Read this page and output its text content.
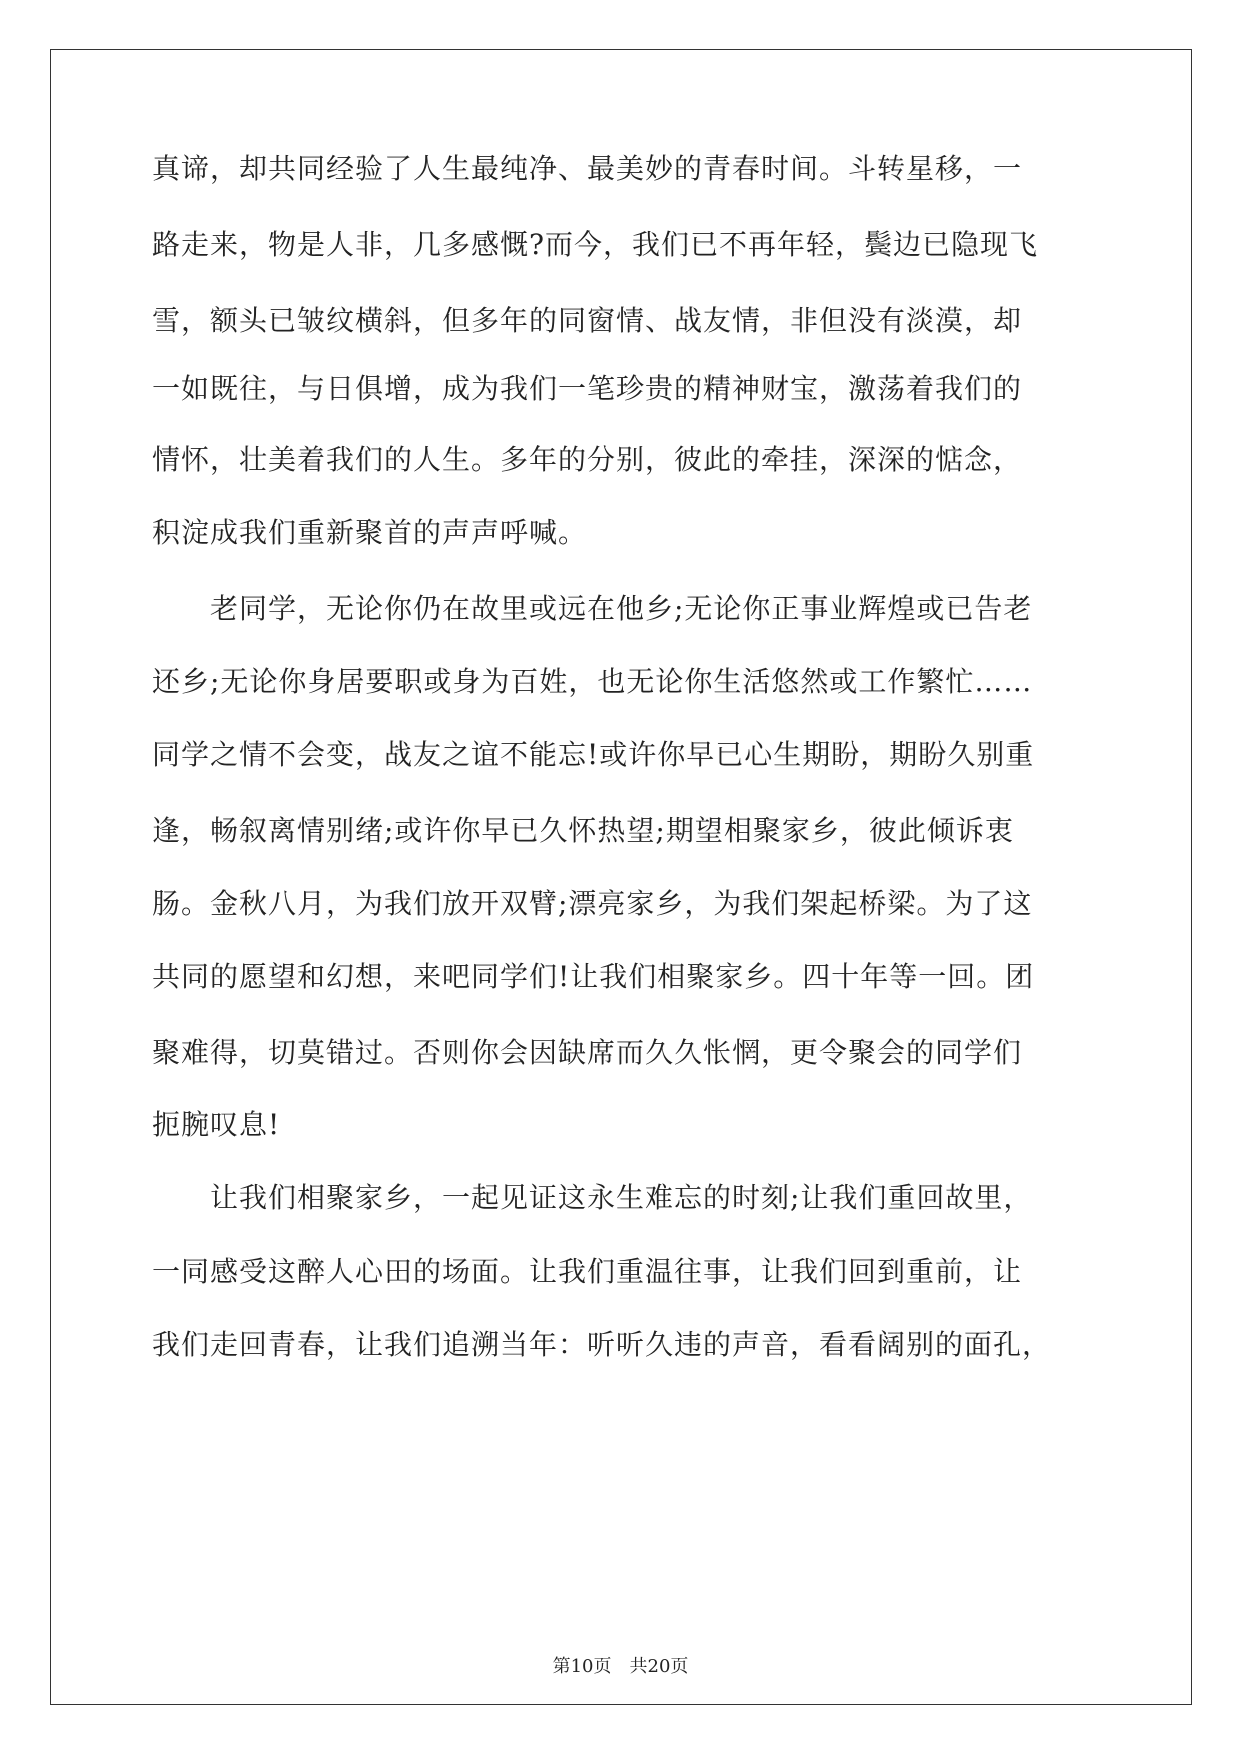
真谛，却共同经验了人生最纯净、最美妙的青春时间。斗转星移，一
路走来，物是人非，几多感慨?而今，我们已不再年轻，鬓边已隐现飞
雪，额头已皱纹横斜，但多年的同窗情、战友情，非但没有淡漠，却
一如既往，与日俱增，成为我们一笔珍贵的精神财宝，激荡着我们的
情怀，壮美着我们的人生。多年的分别，彼此的牵挂，深深的惦念，
积淀成我们重新聚首的声声呼喊。
　　老同学，无论你仍在故里或远在他乡;无论你正事业辉煌或已告老
还乡;无论你身居要职或身为百姓，也无论你生活悠然或工作繁忙……
同学之情不会变，战友之谊不能忘!或许你早已心生期盼，期盼久别重
逢，畅叙离情别绪;或许你早已久怀热望;期望相聚家乡，彼此倾诉衷
肠。金秋八月，为我们放开双臂;漂亮家乡，为我们架起桥梁。为了这
共同的愿望和幻想，来吧同学们!让我们相聚家乡。四十年等一回。团
聚难得，切莫错过。否则你会因缺席而久久怅惘，更令聚会的同学们
扼腕叹息!
　　让我们相聚家乡，一起见证这永生难忘的时刻;让我们重回故里，
一同感受这醉人心田的场面。让我们重温往事，让我们回到重前，让
我们走回青春，让我们追溯当年：听听久违的声音，看看阔别的面孔，
第10页　共20页
